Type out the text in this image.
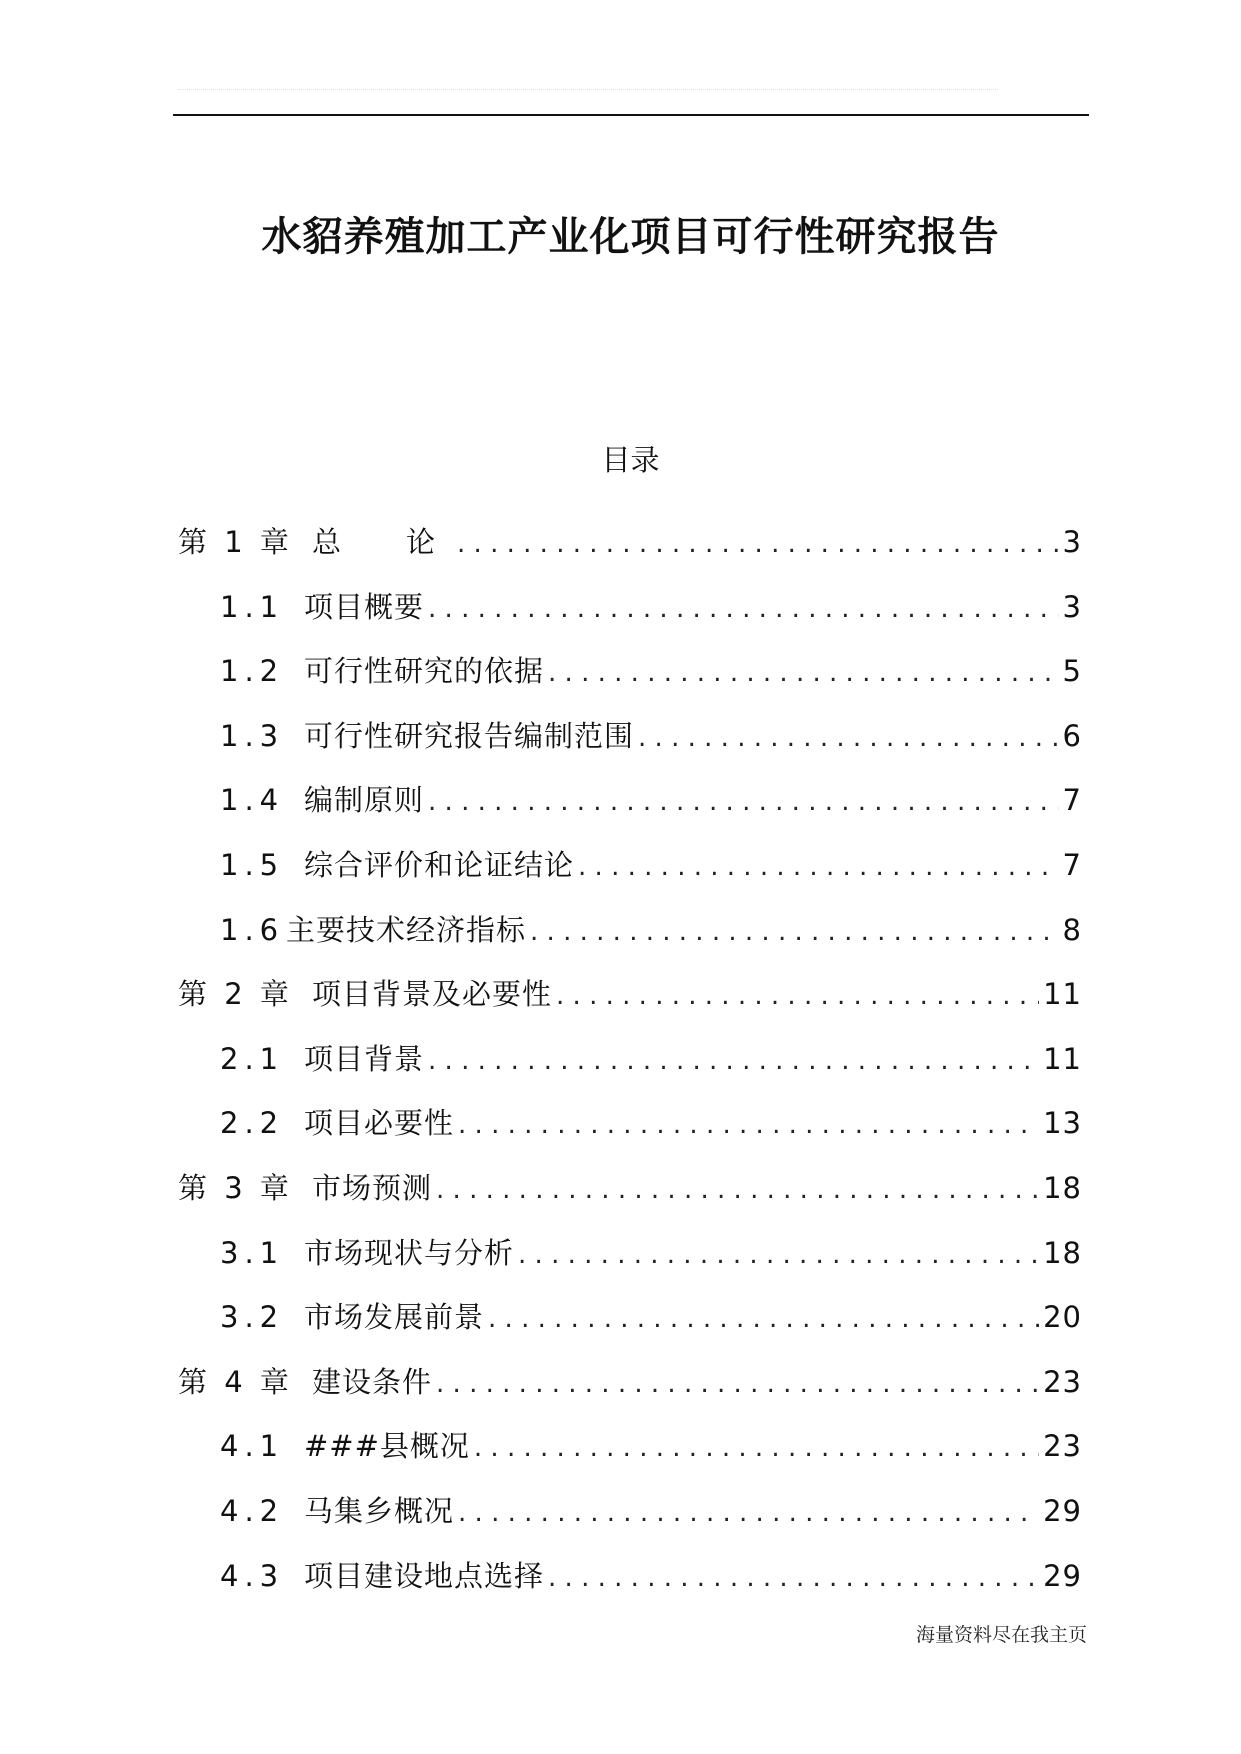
水貂养殖加工产业化项目可行性研究报告
目录
第 1 章 总　论 . . .	3
1.1 项目概要 . . .	3
1.2 可行性研究的依据 . . .	5
1.3 可行性研究报告编制范围 . . .	6
1.4 编制原则 . . .	7
1.5 综合评价和论证结论 . . .	7
1.6 主要技术经济指标 . . .	8
第 2 章 项目背景及必要性 . . .	11
2.1 项目背景 . . .	11
2.2 项目必要性 . . .	13
第 3 章 市场预测 . . .	18
3.1 市场现状与分析 . . .	18
3.2 市场发展前景 . . .	20
第 4 章 建设条件 . . .	23
4.1 ###县概况 . . .	23
4.2 马集乡概况 . . .	29
4.3 项目建设地点选择 . . .	29
海量资料尽在我主页
